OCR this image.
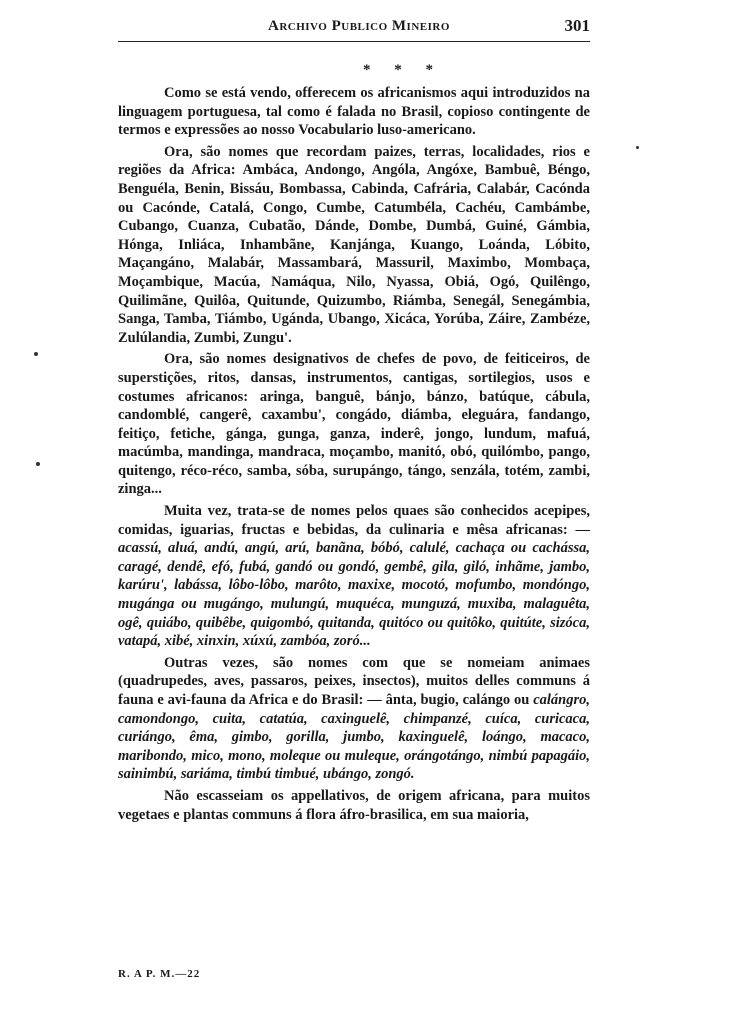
Archivo Publico Mineiro	301
* * *

Como se está vendo, offerecem os africanismos aqui introduzidos na linguagem portuguesa, tal como é falada no Brasil, copioso contingente de termos e expressões ao nosso Vocabulario luso-americano.

Ora, são nomes que recordam paizes, terras, localidades, rios e regiões da Africa: Ambáca, Andongo, Angóla, Angóxe, Bambuê, Béngo, Benguéla, Benin, Bissáu, Bombassa, Cabinda, Cafrária, Calabár, Cacónda ou Cacónde, Catalá, Congo, Cumbe, Catumbéla, Cachéu, Cambámbe, Cubango, Cuanza, Cubatão, Dánde, Dombe, Dumbá, Guiné, Gámbia, Hónga, Inliáca, Inhambãne, Kanjánga, Kuango, Loánda, Lóbito, Maçangáno, Malabár, Massambará, Massuril, Maximbo, Mombaça, Moçambique, Macúa, Namáqua, Nilo, Nyassa, Obiá, Ogó, Quilêngo, Quilimãne, Quilôa, Quitunde, Quizumbo, Riámba, Senegál, Senegámbia, Sanga, Tamba, Tiámbo, Ugánda, Ubango, Xicáca, Yorúba, Záire, Zambéze, Zulúlandia, Zumbi, Zungu'.

Ora, são nomes designativos de chefes de povo, de feiticeiros, de superstições, ritos, dansas, instrumentos, cantigas, sortilegios, usos e costumes africanos: aringa, banguê, bánjo, bánzo, batúque, cábula, candomblé, cangerê, caxambu', congádo, diámba, eleguára, fandango, feitiço, fetiche, gánga, gunga, ganza, inderê, jongo, lundum, mafuá, macúmba, mandinga, mandraca, moçambo, manitó, obó, quilómbo, pango, quitengo, réco-réco, samba, sóba, surupángo, tángo, senzála, totém, zambi, zinga...

Muita vez, trata-se de nomes pelos quaes são conhecidos acepipes, comidas, iguarias, fructas e bebidas, da culinaria e mêsa africanas: — acassú, aluá, andú, angú, arú, banãna, bóbó, calulé, cachaça ou cachássa, caragé, dendê, efó, fubá, gandó ou gondó, gembê, gila, giló, inhãme, jambo, karúru', labássa, lôbo-lôbo, marôto, maxixe, mocotó, mofumbo, mondóngo, mugánga ou mugángo, mulungú, muquéca, munguzá, muxiba, malaguêta, ogê, quiábo, quibêbe, quigombó, quitanda, quitóco ou quitôko, quitúte, sizóca, vatapá, xibé, xinxin, xúxú, zambóa, zoró...

Outras vezes, são nomes com que se nomeiam animaes (quadrupedes, aves, passaros, peixes, insectos), muitos delles communs á fauna e avi-fauna da Africa e do Brasil: — ânta, bugio, calángo ou calángro, camondongo, cuita, catatúa, caxinguelê, chimpanzé, cuíca, curicaca, curiángo, êma, gimbo, gorilla, jumbo, kaxinguelê, loángo, macaco, maribondo, mico, mono, moleque ou muleque, orángotángo, nimbú papagáio, sainimbú, sariáma, timbú timbué, ubángo, zongó.

Não escasseiam os appellativos, de origem africana, para muitos vegetaes e plantas communs á flora áfro-brasilica, em sua maioria,

R. A P. M.—22
